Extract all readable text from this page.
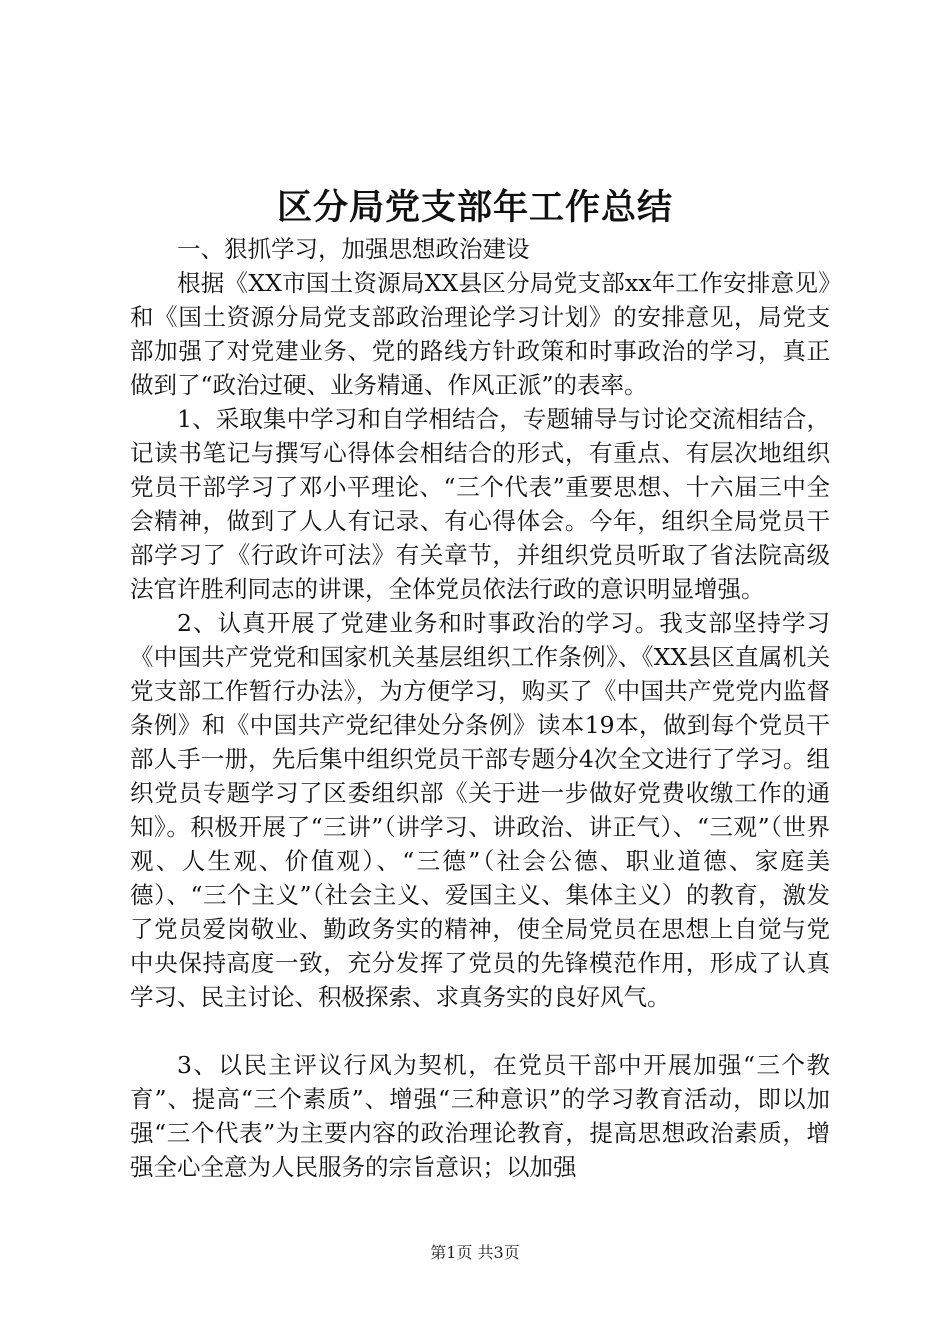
区分局党支部年工作总结

一、狠抓学习，加强思想政治建设

根据《XX市国土资源局XX县区分局党支部xx年工作安排意见》和《国土资源分局党支部政治理论学习计划》的安排意见，局党支部加强了对党建业务、党的路线方针政策和时事政治的学习，真正做到了“政治过硬、业务精通、作风正派”的表率。

1、采取集中学习和自学相结合，专题辅导与讨论交流相结合，记读书笔记与撰写心得体会相结合的形式，有重点、有层次地组织党员干部学习了邓小平理论、“三个代表”重要思想、十六届三中全会精神，做到了人人有记录、有心得体会。今年，组织全局党员干部学习了《行政许可法》有关章节，并组织党员听取了省法院高级法官许胜利同志的讲课，全体党员依法行政的意识明显增强。

2、认真开展了党建业务和时事政治的学习。我支部坚持学习《中国共产党党和国家机关基层组织工作条例》、《XX县区直属机关党支部工作暂行办法》，为方便学习，购买了《中国共产党党内监督条例》和《中国共产党纪律处分条例》读本19本，做到每个党员干部人手一册，先后集中组织党员干部专题分4次全文进行了学习。组织党员专题学习了区委组织部《关于进一步做好党费收缴工作的通知》。积极开展了“三讲”（讲学习、讲政治、讲正气）、“三观”（世界观、人生观、价值观）、“三德”（社会公德、职业道德、家庭美德）、“三个主义”（社会主义、爱国主义、集体主义）的教育，激发了党员爱岗敬业、勤政务实的精神，使全局党员在思想上自觉与党中央保持高度一致，充分发挥了党员的先锋模范作用，形成了认真学习、民主讨论、积极探索、求真务实的良好风气。

3、以民主评议行风为契机，在党员干部中开展加强“三个教育”、提高“三个素质”、增强“三种意识”的学习教育活动，即以加强“三个代表”为主要内容的政治理论教育，提高思想政治素质，增强全心全意为人民服务的宗旨意识；以加强

第1页 共3页
